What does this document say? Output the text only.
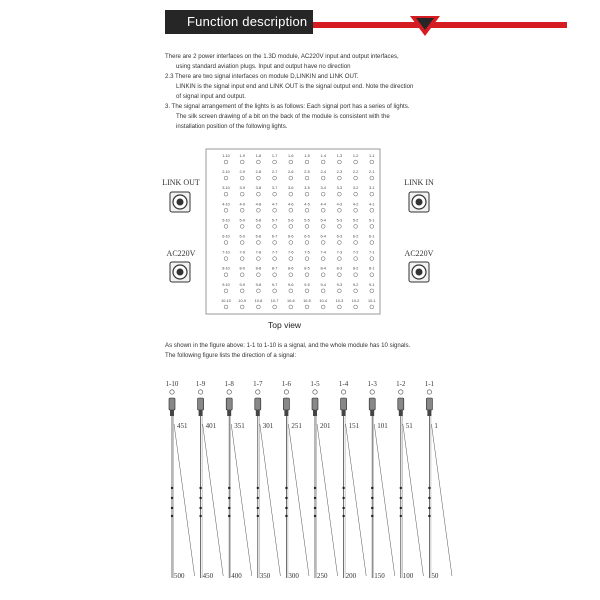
Function description
There are 2 power interfaces on the 1.3D module, AC220V input and output interfaces,
using standard aviation plugs. Input and output have no direction
2.3 There are two signal interfaces on module D,LINKIN and LINK OUT.
LINKIN is the signal input end and LINK OUT is the signal output end. Note the direction
of signal input and output.
3. The signal arrangement of the lights is as follows: Each signal port has a series of lights.
The silk screen drawing of a bit on the back of the module is consistent with the
installation position of the following lights.
LINK OUT
AC220V
LINK IN
AC220V
1-10	1-9	1-8	1-7	1-6	1-5	1-4	1-3	1-2	1-1
2-10	2-9	2-8	2-7	2-6	2-5	2-4	2-3	2-2	2-1
3-10	3-9	3-8	3-7	3-6	3-5	3-4	3-3	3-2	3-1
4-10	4-9	4-8	4-7	4-6	4-5	4-4	4-3	4-2	4-1
5-10	5-9	5-8	5-7	5-6	5-5	5-4	5-3	5-2	5-1
6-10	6-9	6-8	6-7	6-6	6-5	6-4	6-3	6-2	6-1
7-10	7-9	7-8	7-7	7-6	7-5	7-4	7-3	7-2	7-1
8-10	8-9	8-8	8-7	8-6	8-5	8-4	8-3	8-2	8-1
9-10	9-9	9-8	9-7	9-6	9-5	9-4	9-3	9-2	9-1
10-10 10-9 10-8 10-7 10-6 10-5 10-4 10-3 10-2 10-1
Top view
As shown in the figure above: 1-1 to 1-10 is a signal, and the whole module has 10 signals.
The following figure lists the direction of a signal:
1-10
451
500
1-9
401
450
1-8
351
400
1-7
301
350
1-6
251
300
1-5
201
250
1-4
151
200
1-3
101
150
1-2
51
100
1-1
1
50
